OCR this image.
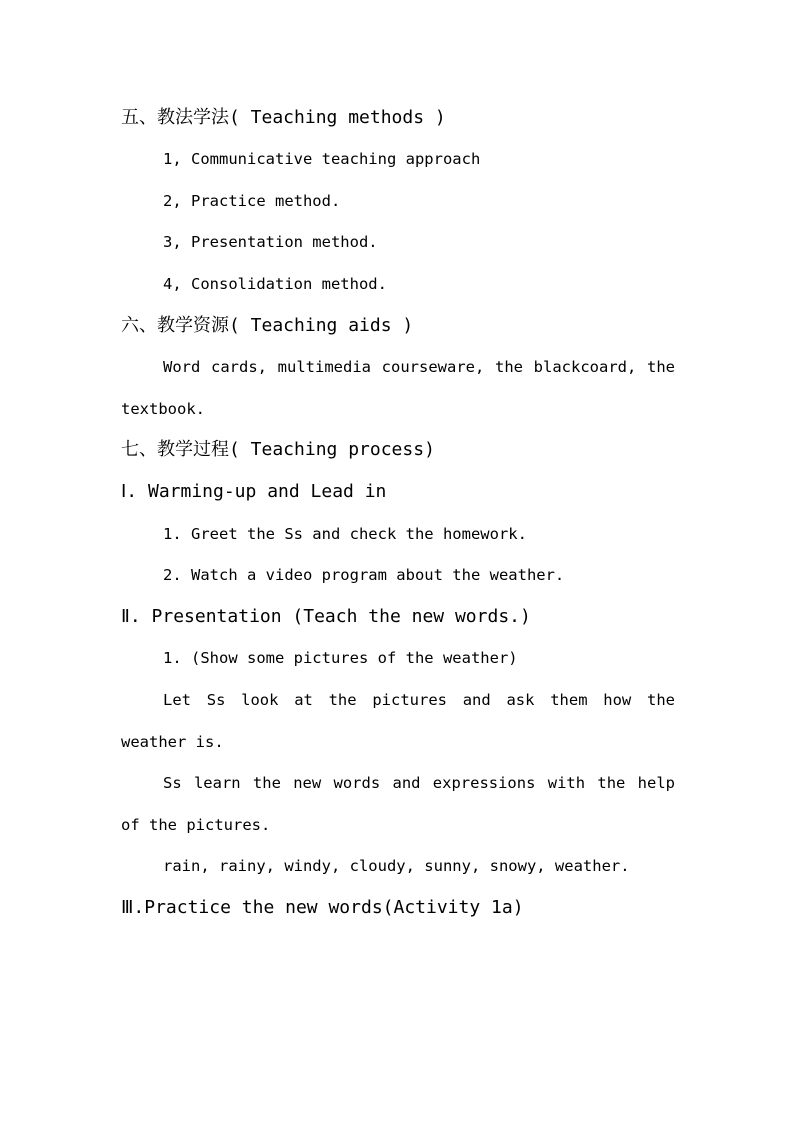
五、教法学法( Teaching methods )
1, Communicative teaching approach
2, Practice method.
3, Presentation method.
4, Consolidation method.
六、教学资源( Teaching aids )
Word cards, multimedia courseware, the blackcoard, the
textbook.
七、教学过程( Teaching process)
Ⅰ. Warming-up and Lead in
1. Greet the Ss and check the homework.
2. Watch a video program about the weather.
Ⅱ. Presentation (Teach the new words.)
1. (Show some pictures of the weather)
Let Ss look at the pictures and ask them how the
weather is.
Ss learn the new words and expressions with the help
of the pictures.
rain, rainy, windy, cloudy, sunny, snowy, weather.
Ⅲ.Practice the new words(Activity 1a)
